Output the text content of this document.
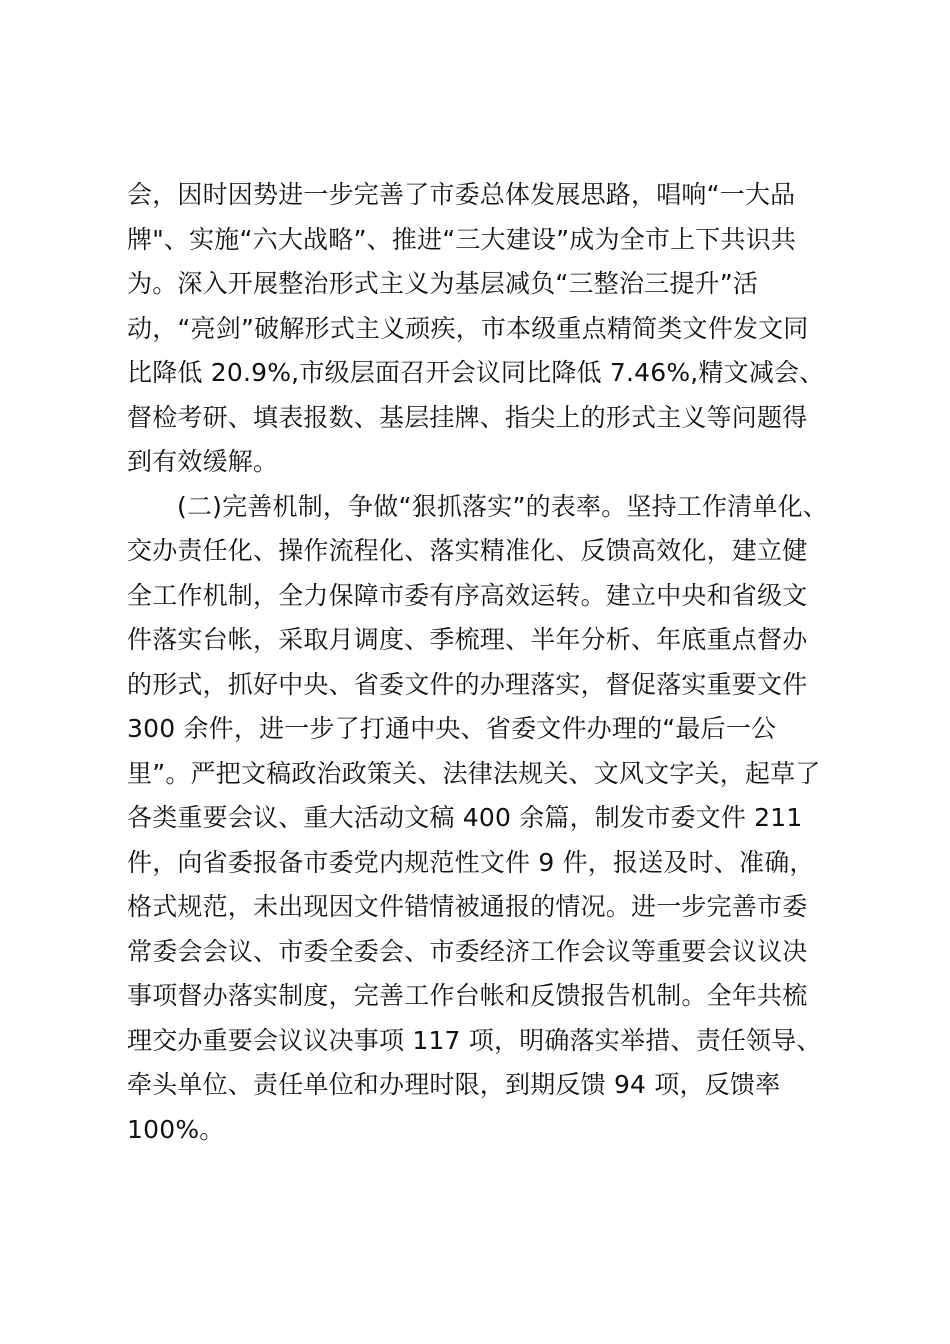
会，因时因势进一步完善了市委总体发展思路，唱响“一大品
牌"、实施“六大战略”、推进“三大建设”成为全市上下共识共
为。深入开展整治形式主义为基层减负“三整治三提升”活
动，“亮剑”破解形式主义顽疾，市本级重点精简类文件发文同
比降低 20.9%,市级层面召开会议同比降低 7.46%,精文减会、
督检考研、填表报数、基层挂牌、指尖上的形式主义等问题得
到有效缓解。
(二)完善机制，争做“狠抓落实”的表率。坚持工作清单化、
交办责任化、操作流程化、落实精准化、反馈高效化，建立健
全工作机制，全力保障市委有序高效运转。建立中央和省级文
件落实台帐，采取月调度、季梳理、半年分析、年底重点督办
的形式，抓好中央、省委文件的办理落实，督促落实重要文件
300 余件，进一步了打通中央、省委文件办理的“最后一公
里”。严把文稿政治政策关、法律法规关、文风文字关，起草了
各类重要会议、重大活动文稿 400 余篇，制发市委文件 211
件，向省委报备市委党内规范性文件 9 件，报送及时、准确，
格式规范，未出现因文件错情被通报的情况。进一步完善市委
常委会会议、市委全委会、市委经济工作会议等重要会议议决
事项督办落实制度，完善工作台帐和反馈报告机制。全年共梳
理交办重要会议议决事项 117 项，明确落实举措、责任领导、
牵头单位、责任单位和办理时限，到期反馈 94 项，反馈率
100%。
